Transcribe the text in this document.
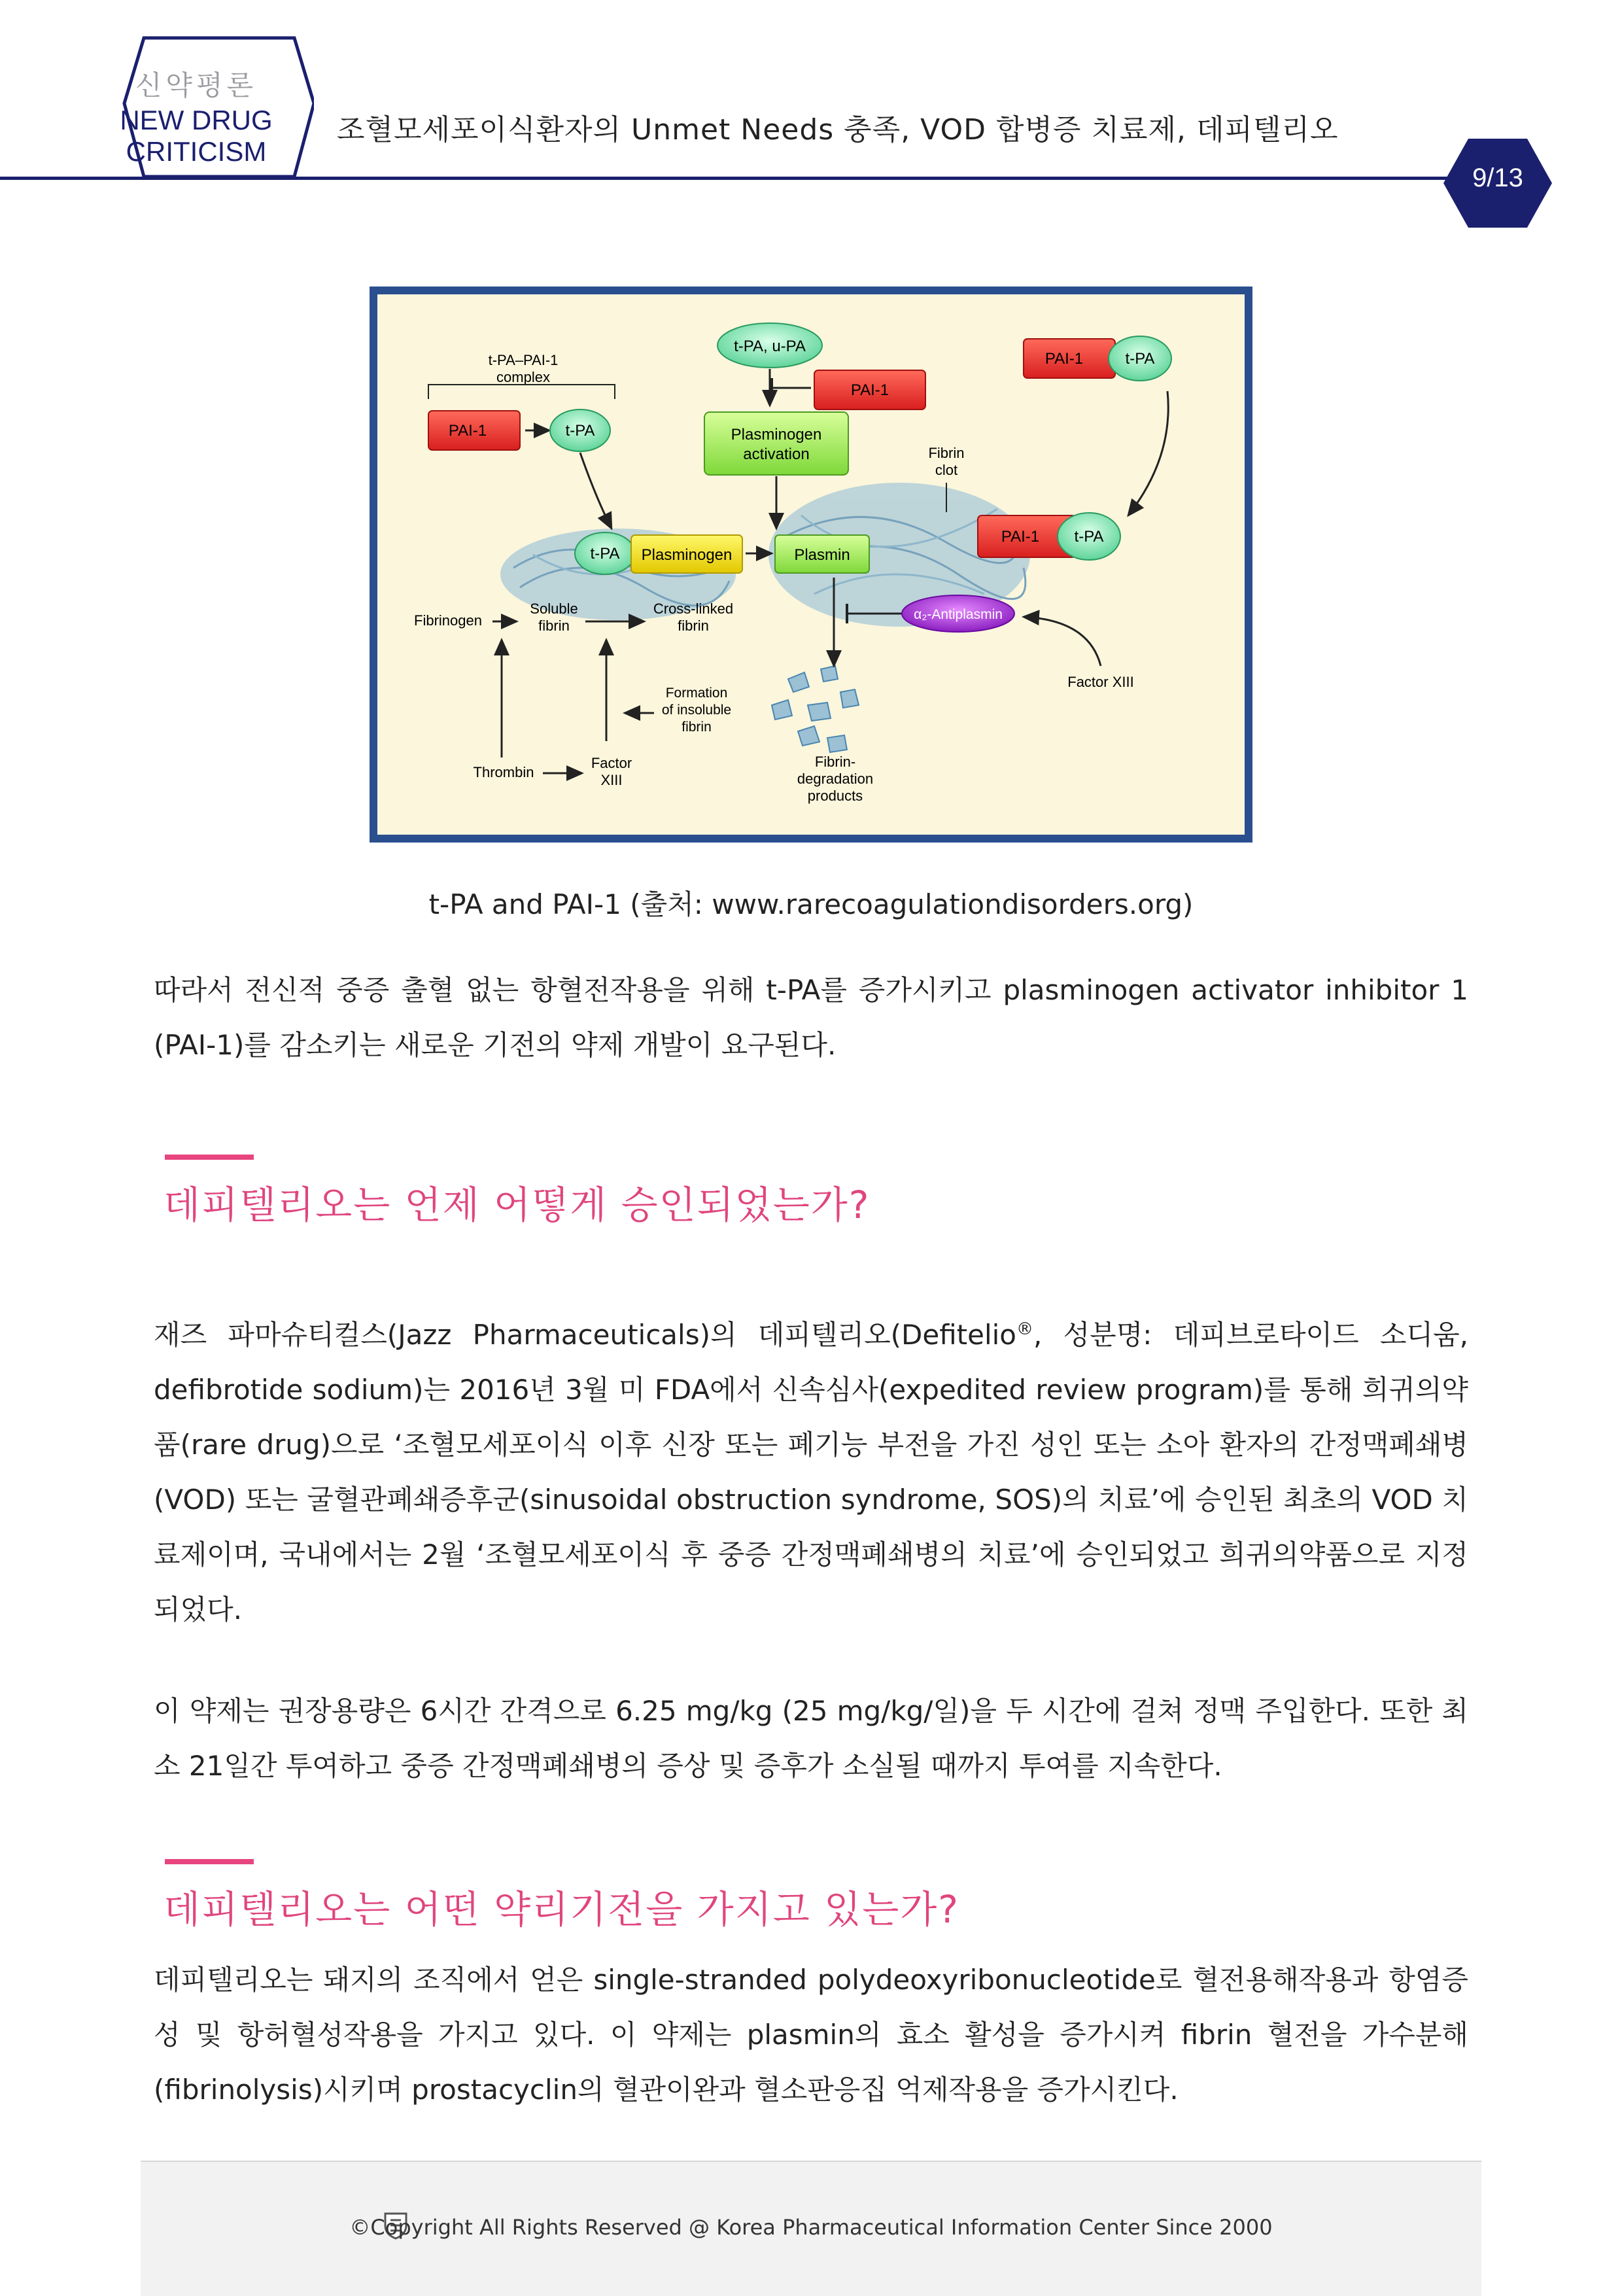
신약평론
NEW DRUG
CRITICISM
조혈모세포이식환자의 Unmet Needs 충족, VOD 합병증 치료제, 데피텔리오
9/13
t-PA–PAI-1
complex
PAI-1	t-PA
t-PA, u-PA
PAI-1
Plasminogen
activation
PAI-1	t-PA
Fibrin
clot
PAI-1 t-PA
t-PA Plasminogen	Plasmin
α₂-Antiplasmin
Factor XIII
Fibrinogen
Soluble
fibrin
Cross-linked
fibrin
Formation
of insoluble
fibrin
Thrombin
Factor
XIII
Fibrin-
degradation
products
t-PA and PAI-1 (출처: www.rarecoagulationdisorders.org)
따라서 전신적 중증 출혈 없는 항혈전작용을 위해 t-PA를 증가시키고 plasminogen activator inhibitor 1 (PAI-1)를 감소키는 새로운 기전의 약제 개발이 요구된다.
데피텔리오는 언제 어떻게 승인되었는가?
재즈 파마슈티컬스(Jazz Pharmaceuticals)의 데피텔리오(Defitelio®, 성분명: 데피브로타이드 소디움, defibrotide sodium)는 2016년 3월 미 FDA에서 신속심사(expedited review program)를 통해 희귀의약품(rare drug)으로 ‘조혈모세포이식 이후 신장 또는 폐기능 부전을 가진 성인 또는 소아 환자의 간정맥폐쇄병(VOD) 또는 굴혈관폐쇄증후군(sinusoidal obstruction syndrome, SOS)의 치료’에 승인된 최초의 VOD 치료제이며, 국내에서는 2월 ‘조혈모세포이식 후 중증 간정맥폐쇄병의 치료’에 승인되었고 희귀의약품으로 지정되었다.
이 약제는 권장용량은 6시간 간격으로 6.25 mg/kg (25 mg/kg/일)을 두 시간에 걸쳐 정맥 주입한다. 또한 최소 21일간 투여하고 중증 간정맥폐쇄병의 증상 및 증후가 소실될 때까지 투여를 지속한다.
데피텔리오는 어떤 약리기전을 가지고 있는가?
데피텔리오는 돼지의 조직에서 얻은 single-stranded polydeoxyribonucleotide로 혈전용해작용과 항염증성 및 항허혈성작용을 가지고 있다. 이 약제는 plasmin의 효소 활성을 증가시켜 fibrin 혈전을 가수분해(fibrinolysis)시키며 prostacyclin의 혈관이완과 혈소판응집 억제작용을 증가시킨다.
©Copyright All Rights Reserved @ Korea Pharmaceutical Information Center Since 2000
